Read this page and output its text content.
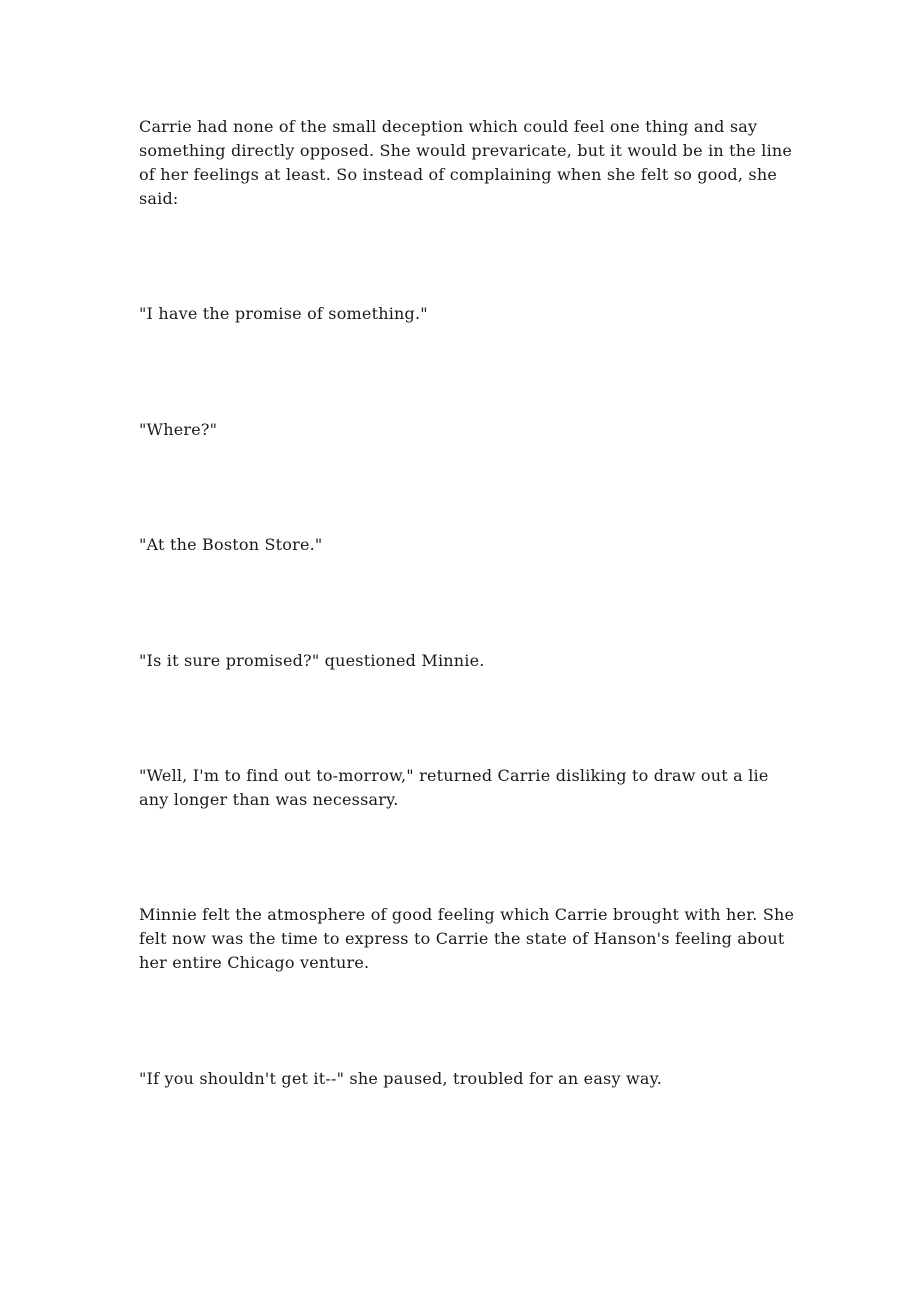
Carrie had none of the small deception which could feel one thing and say something directly opposed. She would prevaricate, but it would be in the line of her feelings at least. So instead of complaining when she felt so good, she said:

"I have the promise of something."

"Where?"

"At the Boston Store."

"Is it sure promised?" questioned Minnie.

"Well, I'm to find out to-morrow," returned Carrie disliking to draw out a lie any longer than was necessary.

Minnie felt the atmosphere of good feeling which Carrie brought with her. She felt now was the time to express to Carrie the state of Hanson's feeling about her entire Chicago venture.

"If you shouldn't get it--" she paused, troubled for an easy way.
